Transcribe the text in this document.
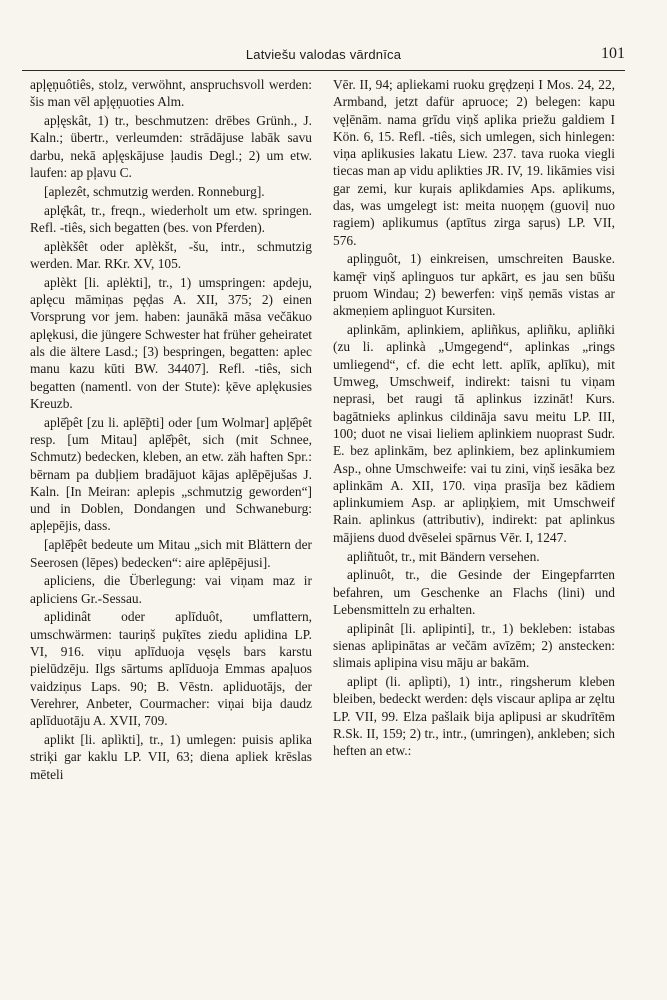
Latviešu valodas vārdnīca	101

apļęņuôtiês, stolz, verwöhnt, anspruchsvoll werden: šis man vēl apļęņuoties Alm.

apļęskât, 1) tr., beschmutzen: drēbes Grünh., J. Kaln.; übertr., verleumden: strādājuse labāk savu darbu, nekā apļęskājuse ļaudis Degl.; 2) um etw. laufen: ap pļavu C.

[aplezêt, schmutzig werden. Ronneburg].

aplę̄kât, tr., freqn., wiederholt um etw. springen. Refl. -tiês, sich begatten (bes. von Pferden).

aplèkšêt oder aplèkšt, -šu, intr., schmutzig werden. Mar. RKr. XV, 105.

aplèkt [li. aplėkti], tr., 1) umspringen: apdeju, aplęcu māmiņas pęḑas A. XII, 375; 2) einen Vorsprung vor jem. haben: jaunākā māsa večākuo aplękusi, die jüngere Schwester hat früher geheiratet als die ältere Lasd.; [3) bespringen, begatten: aplec manu kazu kūti BW. 34407]. Refl. -tiês, sich begatten (namentl. von der Stute): ķēve aplękusies Kreuzb.

aplē̂pêt [zu li. aplē̃pti] oder [um Wolmar] apļē̂pêt resp. [um Mitau] aplē̂pêt, sich (mit Schnee, Schmutz) bedecken, kleben, an etw. zäh haften Spr.: bērnam pa dubļiem bradājuot kājas aplēpējušas J. Kaln. [In Meiran: aplepis „schmutzig geworden“] und in Doblen, Dondangen und Schwaneburg: apļepējis, dass.

[aplē̂pêt bedeute um Mitau „sich mit Blättern der Seerosen (lēpes) bedecken“: aire aplēpējusi].

apliciens, die Überlegung: vai viņam maz ir apliciens Gr.-Sessau.

aplidinât oder aplīduôt, umflattern, umschwärmen: tauriņš puķītes ziedu aplidina LP. VI, 916. viņu aplīduoja vęsęls bars karstu pielūdzēju. Ilgs sārtums aplīduoja Emmas apaļuos vaidziņus Laps. 90; B. Vēstn. apliduotājs, der Verehrer, Anbeter, Courmacher: viņai bija daudz aplīduotāju A. XVII, 709.

aplikt [li. aplìkti], tr., 1) umlegen: puisis aplika striķi gar kaklu LP. VII, 63; diena apliek krēslas mēteli

Vēr. II, 94; apliekami ruoku gręḑzeņi I Mos. 24, 22, Armband, jetzt dafür apruoce; 2) belegen: kapu vęļēnām. nama grīdu viņš aplika priežu galdiem I Kön. 6, 15. Refl. -tiês, sich umlegen, sich hinlegen: viņa aplikusies lakatu Liew. 237. tava ruoka viegli tiecas man ap vidu aplikties JR. IV, 19. likāmies visi gar zemi, kur kuŗais aplikdamies Aps. aplikums, das, was umgelegt ist: meita nuoņęm (guoviļ nuo ragiem) aplikumus (aptītus zirga saŗus) LP. VII, 576.

apliņguôt, 1) einkreisen, umschreiten Bauske. kamę̄r viņš aplinguos tur apkārt, es jau sen būšu pruom Windau; 2) bewerfen: viņš ņemās vistas ar akmeņiem aplinguot Kursiten.

aplinkām, aplinkiem, apliñkus, apliñku, apliñki (zu li. aplinkà „Umgegend“, aplinkas „rings umliegend“, cf. die echt lett. aplīk, aplīku), mit Umweg, Umschweif, indirekt: taisni tu viņam neprasi, bet raugi tā aplinkus izzināt! Kurs. bagātnieks aplinkus cildināja savu meitu LP. III, 100; duot ne visai lieliem aplinkiem nuoprast Sudr. E. bez aplinkām, bez aplinkiem, bez aplinkumiem Asp., ohne Umschweife: vai tu zini, viņš iesāka bez aplinkām A. XII, 170. viņa prasīja bez kādiem aplinkumiem Asp. ar apliņķiem, mit Umschweif Rain. aplinkus (attributiv), indirekt: pat aplinkus mājiens duod dvēselei spārnus Vēr. I, 1247.

apliñtuôt, tr., mit Bändern versehen.

aplinuôt, tr., die Gesinde der Eingepfarrten befahren, um Geschenke an Flachs (lini) und Lebensmitteln zu erhalten.

aplipinât [li. aplipinti], tr., 1) bekleben: istabas sienas aplipinātas ar večām avīzēm; 2) anstecken: slimais aplipina visu māju ar bakām.

aplipt (li. aplìpti), 1) intr., ringsherum kleben bleiben, bedeckt werden: dęls viscaur aplipa ar zęltu LP. VII, 99. Elza pašlaik bija aplipusi ar skudrītēm R.Sk. II, 159; 2) tr., intr., (umringen), ankleben; sich heften an etw.:
